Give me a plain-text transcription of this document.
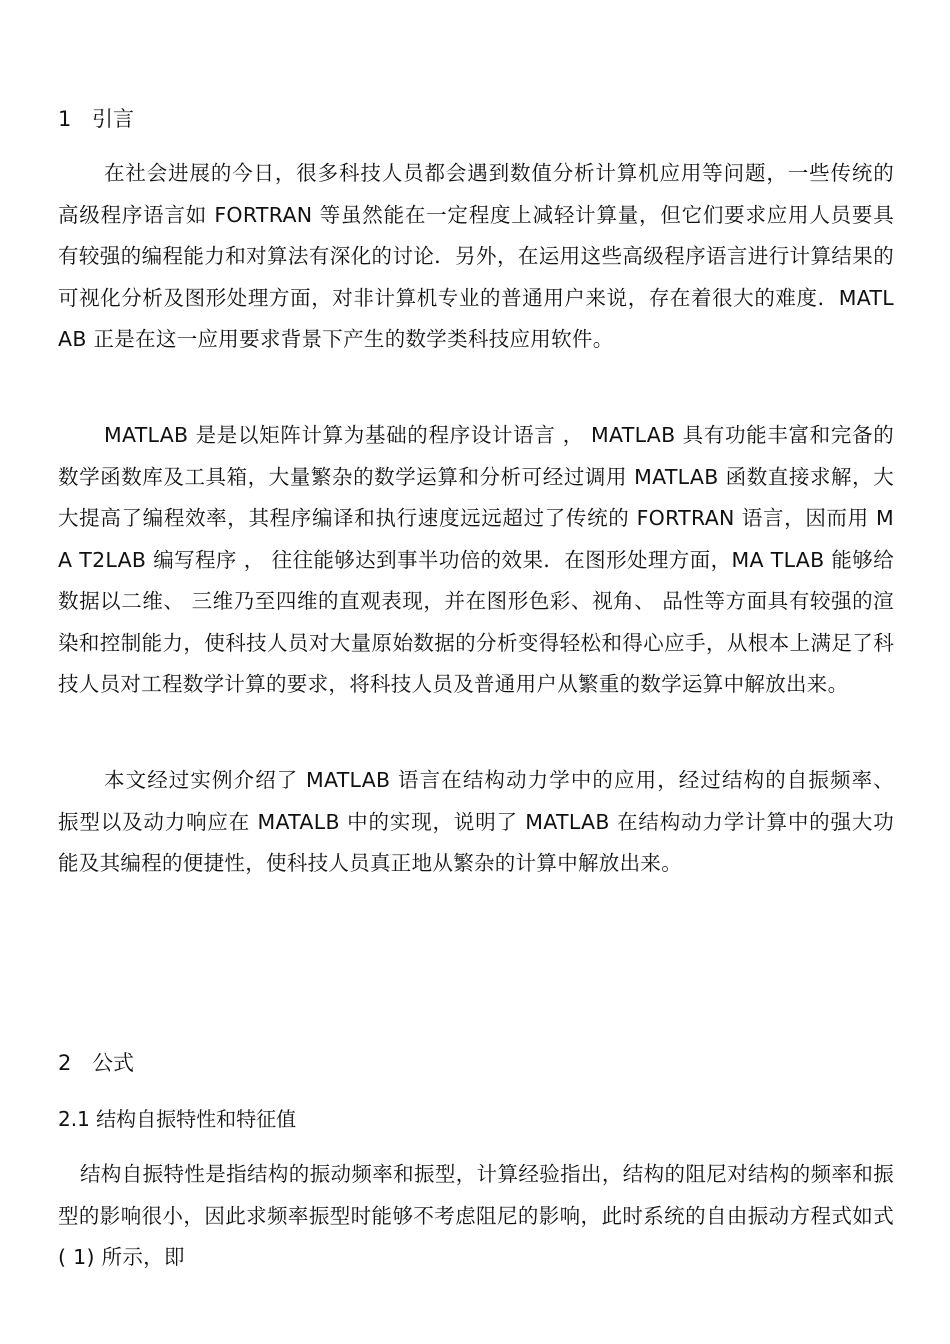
1 引言

在社会进展的今日，很多科技人员都会遇到数值分析计算机应用等问题，一些传统的高级程序语言如 FORTRAN 等虽然能在一定程度上减轻计算量，但它们要求应用人员要具有较强的编程能力和对算法有深化的讨论．另外，在运用这些高级程序语言进行计算结果的可视化分析及图形处理方面，对非计算机专业的普通用户来说，存在着很大的难度．MATLAB 正是在这一应用要求背景下产生的数学类科技应用软件。

MATLAB 是是以矩阵计算为基础的程序设计语言 ， MATLAB 具有功能丰富和完备的数学函数库及工具箱，大量繁杂的数学运算和分析可经过调用 MATLAB 函数直接求解，大大提高了编程效率，其程序编译和执行速度远远超过了传统的 FORTRAN 语言，因而用 MA T2LAB 编写程序 ， 往往能够达到事半功倍的效果．在图形处理方面，MA TLAB 能够给数据以二维、 三维乃至四维的直观表现，并在图形色彩、视角、 品性等方面具有较强的渲染和控制能力，使科技人员对大量原始数据的分析变得轻松和得心应手，从根本上满足了科技人员对工程数学计算的要求，将科技人员及普通用户从繁重的数学运算中解放出来。

本文经过实例介绍了 MATLAB 语言在结构动力学中的应用，经过结构的自振频率、 振型以及动力响应在 MATALB 中的实现，说明了 MATLAB 在结构动力学计算中的强大功能及其编程的便捷性，使科技人员真正地从繁杂的计算中解放出来。

2 公式
2.1 结构自振特性和特征值

结构自振特性是指结构的振动频率和振型，计算经验指出，结构的阻尼对结构的频率和振型的影响很小，因此求频率振型时能够不考虑阻尼的影响，此时系统的自由振动方程式如式( 1) 所示，即
